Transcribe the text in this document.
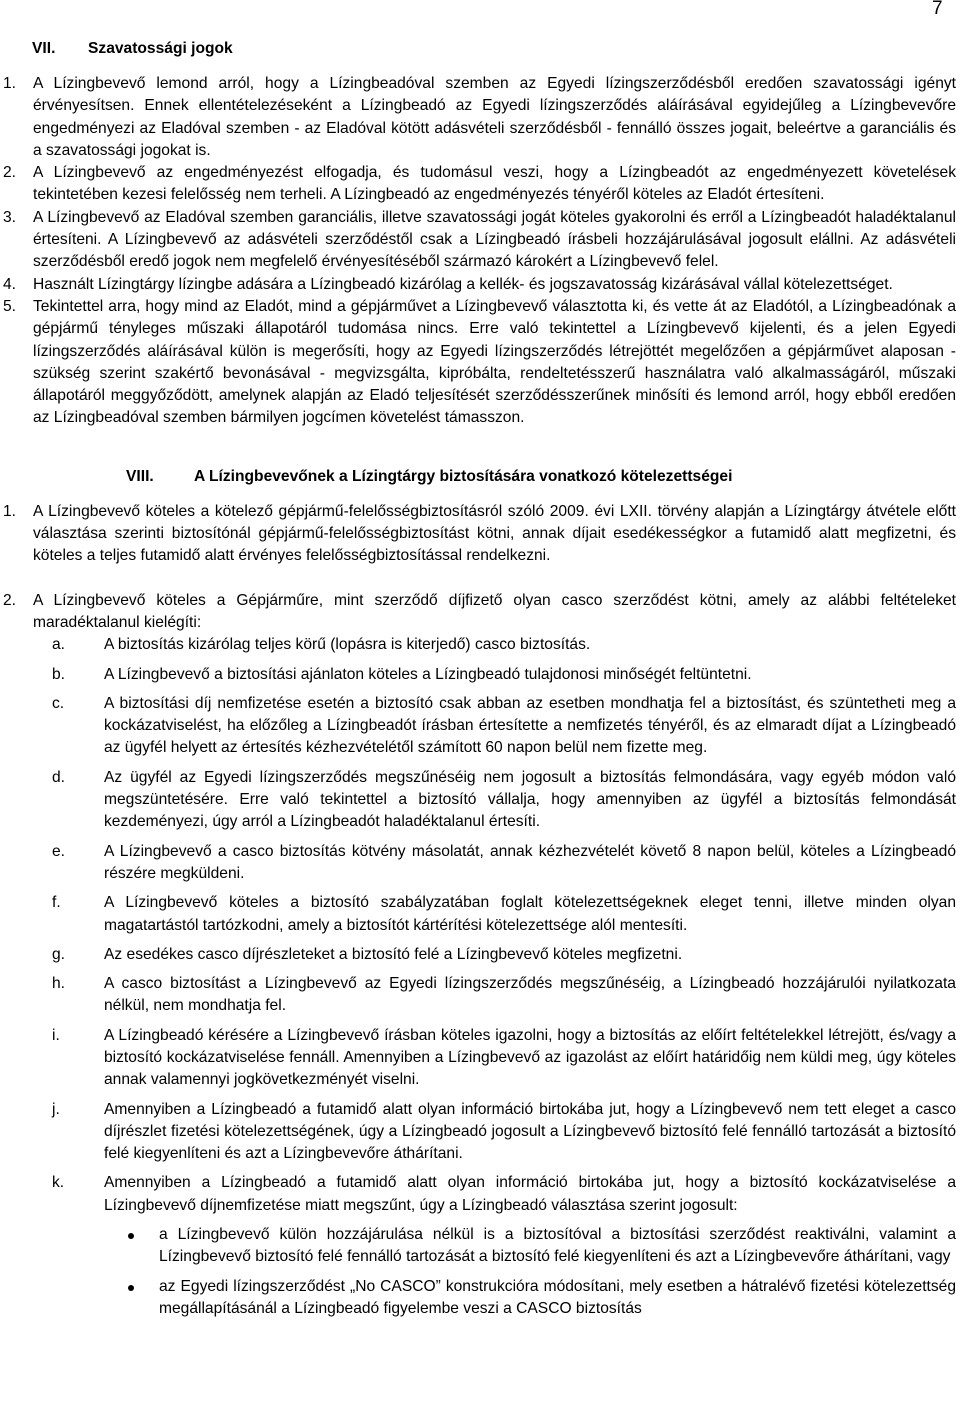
7
VII. Szavatossági jogok

1. A Lízingbevevő lemond arról, hogy a Lízingbeadóval szemben az Egyedi lízingszerződésből eredően szavatossági igényt érvényesítsen. Ennek ellentételezéseként a Lízingbeadó az Egyedi lízingszerződés aláírásával egyidejűleg a Lízingbevevőre engedményezi az Eladóval szemben - az Eladóval kötött adásvételi szerződésből - fennálló összes jogait, beleértve a garanciális és a szavatossági jogokat is.

2. A Lízingbevevő az engedményezést elfogadja, és tudomásul veszi, hogy a Lízingbeadót az engedményezett követelések tekintetében kezesi felelősség nem terheli. A Lízingbeadó az engedményezés tényéről köteles az Eladót értesíteni.

3. A Lízingbevevő az Eladóval szemben garanciális, illetve szavatossági jogát köteles gyakorolni és erről a Lízingbeadót haladéktalanul értesíteni. A Lízingbevevő az adásvételi szerződéstől csak a Lízingbeadó írásbeli hozzájárulásával jogosult elállni. Az adásvételi szerződésből eredő jogok nem megfelelő érvényesítéséből származó károkért a Lízingbevevő felel.

4. Használt Lízingtárgy lízingbe adására a Lízingbeadó kizárólag a kellék- és jogszavatosság kizárásával vállal kötelezettséget.

5. Tekintettel arra, hogy mind az Eladót, mind a gépjárművet a Lízingbevevő választotta ki, és vette át az Eladótól, a Lízingbeadónak a gépjármű tényleges műszaki állapotáról tudomása nincs. Erre való tekintettel a Lízingbevevő kijelenti, és a jelen Egyedi lízingszerződés aláírásával külön is megerősíti, hogy az Egyedi lízingszerződés létrejöttét megelőzően a gépjárművet alaposan - szükség szerint szakértő bevonásával - megvizsgálta, kipróbálta, rendeltetésszerű használatra való alkalmasságáról, műszaki állapotáról meggyőződött, amelynek alapján az Eladó teljesítését szerződésszerűnek minősíti és lemond arról, hogy ebből eredően az Lízingbeadóval szemben bármilyen jogcímen követelést támasszon.

VIII.	A Lízingbevevőnek a Lízingtárgy biztosítására vonatkozó kötelezettségei

1. A Lízingbevevő köteles a kötelező gépjármű-felelősségbiztosításról szóló 2009. évi LXII. törvény alapján a Lízingtárgy átvétele előtt választása szerinti biztosítónál gépjármű-felelősségbiztosítást kötni, annak díjait esedékességkor a futamidő alatt megfizetni, és köteles a teljes futamidő alatt érvényes felelősségbiztosítással rendelkezni.

2. A Lízingbevevő köteles a Gépjárműre, mint szerződő díjfizető olyan casco szerződést kötni, amely az alábbi feltételeket maradéktalanul kielégíti:

a. A biztosítás kizárólag teljes körű (lopásra is kiterjedő) casco biztosítás.

b. A Lízingbevevő a biztosítási ajánlaton köteles a Lízingbeadó tulajdonosi minőségét feltüntetni.

c.	A biztosítási díj nemfizetése esetén a biztosító csak abban az esetben mondhatja fel a biztosítást, és szüntetheti meg a kockázatviselést, ha előzőleg a Lízingbeadót írásban értesítette a nemfizetés tényéről, és az elmaradt díjat a Lízingbeadó az ügyfél helyett az értesítés kézhezvételétől számított 60 napon belül nem fizette meg.

d. Az ügyfél az Egyedi lízingszerződés megszűnéséig nem jogosult a biztosítás felmondására, vagy egyéb módon való megszüntetésére. Erre való tekintettel a biztosító vállalja, hogy amennyiben az ügyfél a biztosítás felmondását kezdeményezi, úgy arról a Lízingbeadót haladéktalanul értesíti.

e. A Lízingbevevő a casco biztosítás kötvény másolatát, annak kézhezvételét követő 8 napon belül, köteles a Lízingbeadó részére megküldeni.

f.	A Lízingbevevő köteles a biztosító szabályzatában foglalt kötelezettségeknek eleget tenni, illetve minden olyan magatartástól tartózkodni, amely a biztosítót kártérítési kötelezettsége alól mentesíti.

g. Az esedékes casco díjrészleteket a biztosító felé a Lízingbevevő köteles megfizetni.

h. A casco biztosítást a Lízingbevevő az Egyedi lízingszerződés megszűnéséig, a Lízingbeadó hozzájárulói nyilatkozata nélkül, nem mondhatja fel.

i.	A Lízingbeadó kérésére a Lízingbevevő írásban köteles igazolni, hogy a biztosítás az előírt feltételekkel létrejött, és/vagy a biztosító kockázatviselése fennáll. Amennyiben a Lízingbevevő az igazolást az előírt határidőig nem küldi meg, úgy köteles annak valamennyi jogkövetkezményét viselni.

j.	Amennyiben a Lízingbeadó a futamidő alatt olyan információ birtokába jut, hogy a Lízingbevevő nem tett eleget a casco díjrészlet fizetési kötelezettségének, úgy a Lízingbeadó jogosult a Lízingbevevő biztosító felé fennálló tartozását a biztosító felé kiegyenlíteni és azt a Lízingbevevőre áthárítani.

k.	Amennyiben a Lízingbeadó a futamidő alatt olyan információ birtokába jut, hogy a biztosító kockázatviselése a Lízingbevevő díjnemfizetése miatt megszűnt, úgy a Lízingbeadó választása szerint jogosult:

a Lízingbevevő külön hozzájárulása nélkül is a biztosítóval a biztosítási szerződést reaktiválni, valamint a Lízingbevevő biztosító felé fennálló tartozását a biztosító felé kiegyenlíteni és azt a Lízingbevevőre áthárítani, vagy

az Egyedi lízingszerződést „No CASCO” konstrukcióra módosítani, mely esetben a hátralévő fizetési kötelezettség megállapításánál a Lízingbeadó figyelembe veszi a CASCO biztosítás
